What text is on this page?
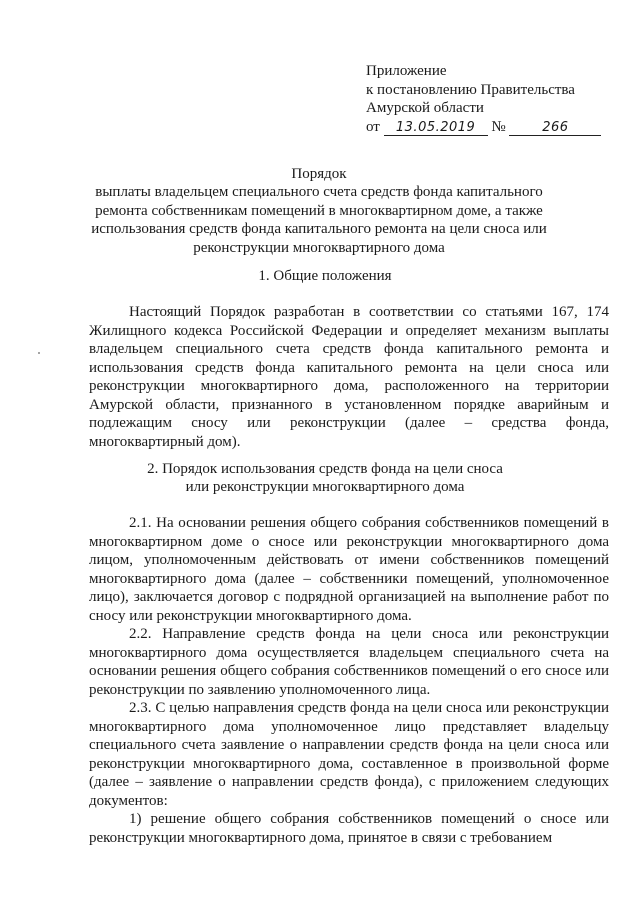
Приложение
к постановлению Правительства
Амурской области
от 13.05.2019 №	266
Порядок
выплаты владельцем специального счета средств фонда капитального ремонта собственникам помещений в многоквартирном доме, а также использования средств фонда капитального ремонта на цели сноса или реконструкции многоквартирного дома
1. Общие положения

Настоящий Порядок разработан в соответствии со статьями 167, 174 Жилищного кодекса Российской Федерации и определяет механизм выплаты владельцем специального счета средств фонда капитального ремонта и использования средств фонда капитального ремонта на цели сноса или реконструкции многоквартирного дома, расположенного на территории Амурской области, признанного в установленном порядке аварийным и подлежащим сносу или реконструкции (далее – средства фонда, многоквартирный дом).

2. Порядок использования средств фонда на цели сноса
или реконструкции многоквартирного дома

2.1. На основании решения общего собрания собственников помещений в многоквартирном доме о сносе или реконструкции многоквартирного дома лицом, уполномоченным действовать от имени собственников помещений многоквартирного дома (далее – собственники помещений, уполномоченное лицо), заключается договор с подрядной организацией на выполнение работ по сносу или реконструкции многоквартирного дома.

2.2. Направление средств фонда на цели сноса или реконструкции многоквартирного дома осуществляется владельцем специального счета на основании решения общего собрания собственников помещений о его сносе или реконструкции по заявлению уполномоченного лица.

2.3. С целью направления средств фонда на цели сноса или реконструкции многоквартирного дома уполномоченное лицо представляет владельцу специального счета заявление о направлении средств фонда на цели сноса или реконструкции многоквартирного дома, составленное в произвольной форме (далее – заявление о направлении средств фонда), с приложением следующих документов:

1) решение общего собрания собственников помещений о сносе или реконструкции многоквартирного дома, принятое в связи с требованием
